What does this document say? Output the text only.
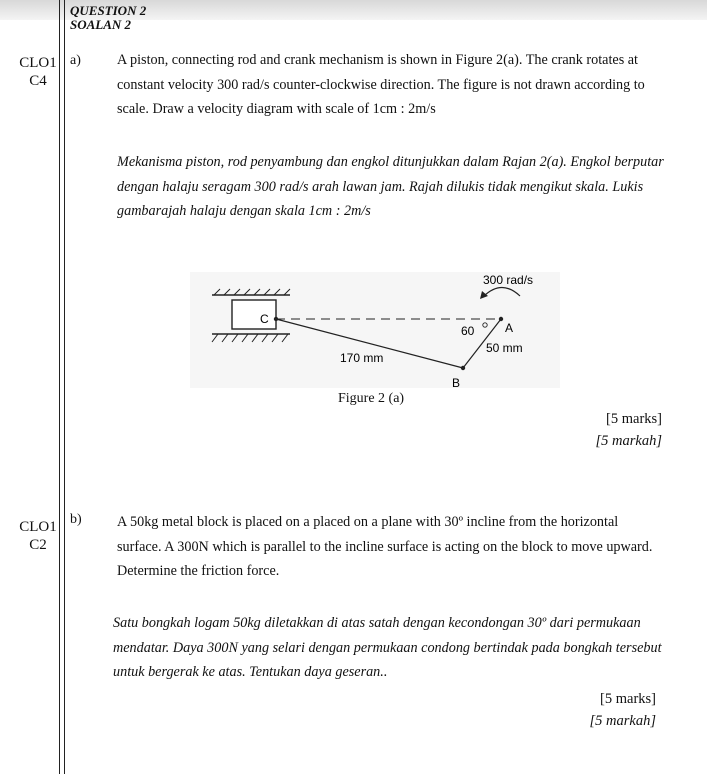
QUESTION 2
SOALAN 2
CLO1
C4
a)	A piston, connecting rod and crank mechanism is shown in Figure 2(a). The crank rotates at constant velocity 300 rad/s counter-clockwise direction. The figure is not drawn according to scale. Draw a velocity diagram with scale of 1cm : 2m/s
Mekanisma piston, rod penyambung dan engkol ditunjukkan dalam Rajan 2(a). Engkol berputar dengan halaju seragam 300 rad/s arah lawan jam. Rajah dilukis tidak mengikut skala. Lukis gambarajah halaju dengan skala 1cm : 2m/s
C
300 rad/s
60	A
50 mm
170 mm
B
Figure 2 (a)
[5 marks]
[5 markah]
CLO1
C2
b) A 50kg metal block is placed on a placed on a plane with 30º incline from the horizontal surface. A 300N which is parallel to the incline surface is acting on the block to move upward. Determine the friction force.
Satu bongkah logam 50kg diletakkan di atas satah dengan kecondongan 30º dari permukaan mendatar. Daya 300N yang selari dengan permukaan condong bertindak pada bongkah tersebut untuk bergerak ke atas. Tentukan daya geseran..
[5 marks]
[5 markah]
